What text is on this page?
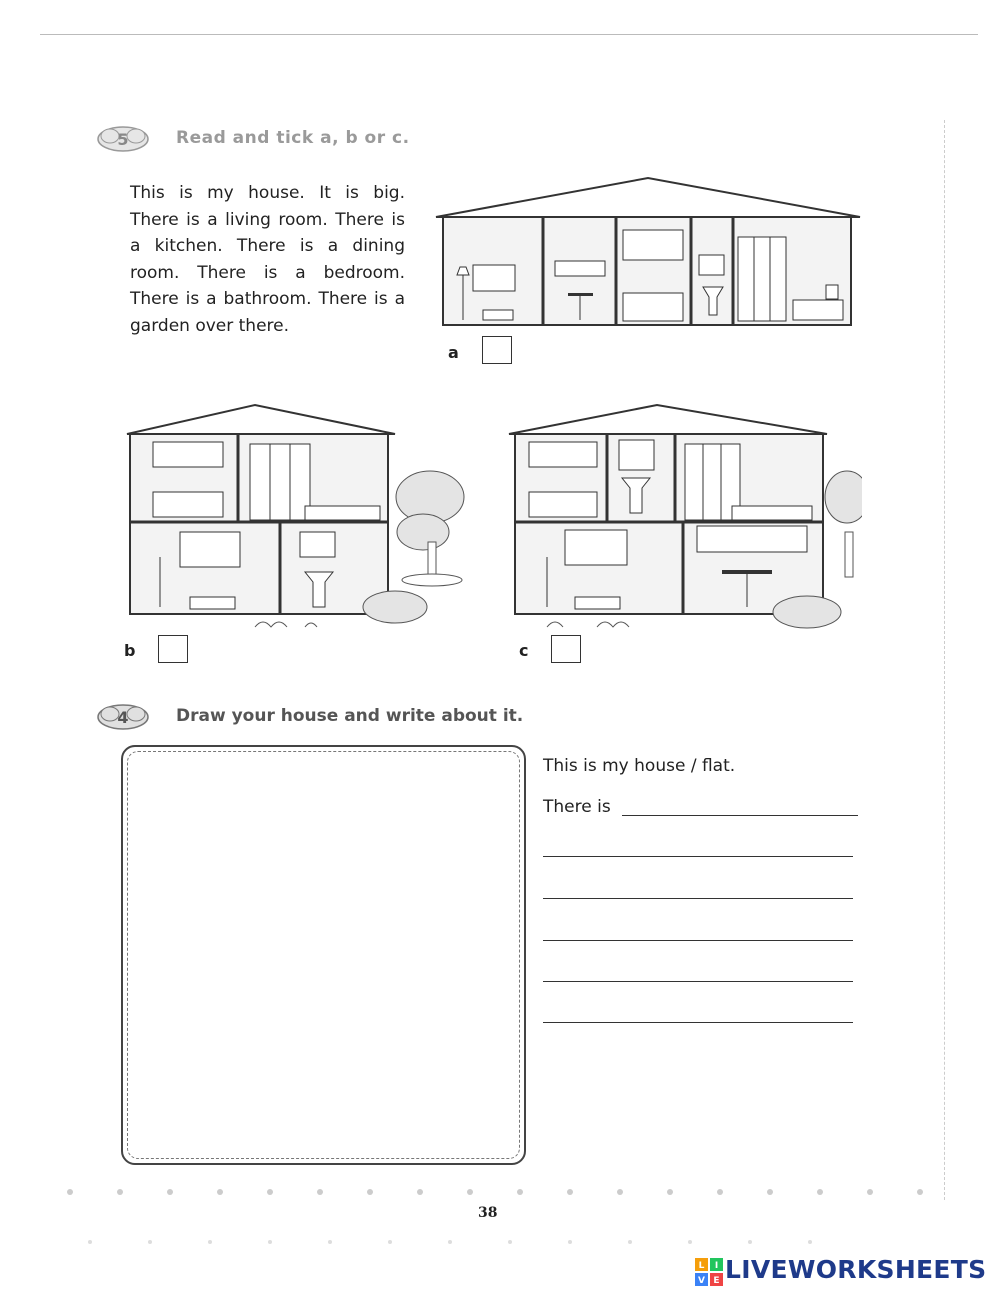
5	Read and tick a, b or c.
This is my house. It is big. There is a living room. There is a kitchen. There is a dining room. There is a bedroom. There is a bathroom. There is a garden over there.
a
b	c
4	Draw your house and write about it.
This is my house / flat.
There is
38
L I
V E LIVEWORKSHEETS
